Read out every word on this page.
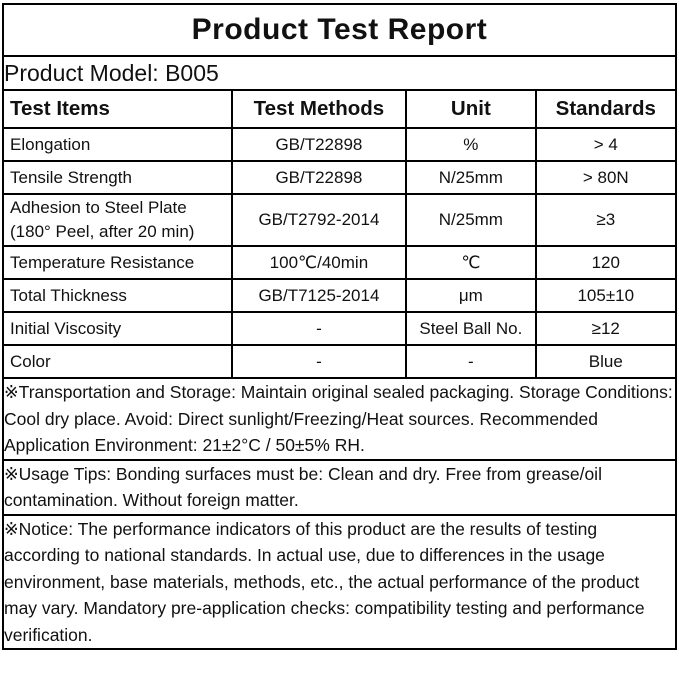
Product Test Report			
Product Model: B005			
Test Items	Test Methods	Unit	Standards

Elongation	GB/T22898	%	> 4

Tensile Strength	GB/T22898	N/25mm	> 80N

Adhesion to Steel Plate
(180° Peel, after 20 min)	GB/T2792-2014	N/25mm	≥3

Temperature Resistance	100℃/40min	℃	120

Total Thickness	GB/T7125-2014	μm	105±10

Initial Viscosity	-	Steel Ball No.	≥12

Color	-	-	Blue
※Transportation and Storage: Maintain original sealed packaging. Storage Conditions: Cool dry place. Avoid: Direct sunlight/Freezing/Heat sources. Recommended Application Environment: 21±2°C / 50±5% RH.			
※Usage Tips: Bonding surfaces must be: Clean and dry. Free from grease/oil contamination. Without foreign matter.			
※Notice: The performance indicators of this product are the results of testing according to national standards. In actual use, due to differences in the usage environment, base materials, methods, etc., the actual performance of the product may vary. Mandatory pre-application checks: compatibility testing and performance verification.			
